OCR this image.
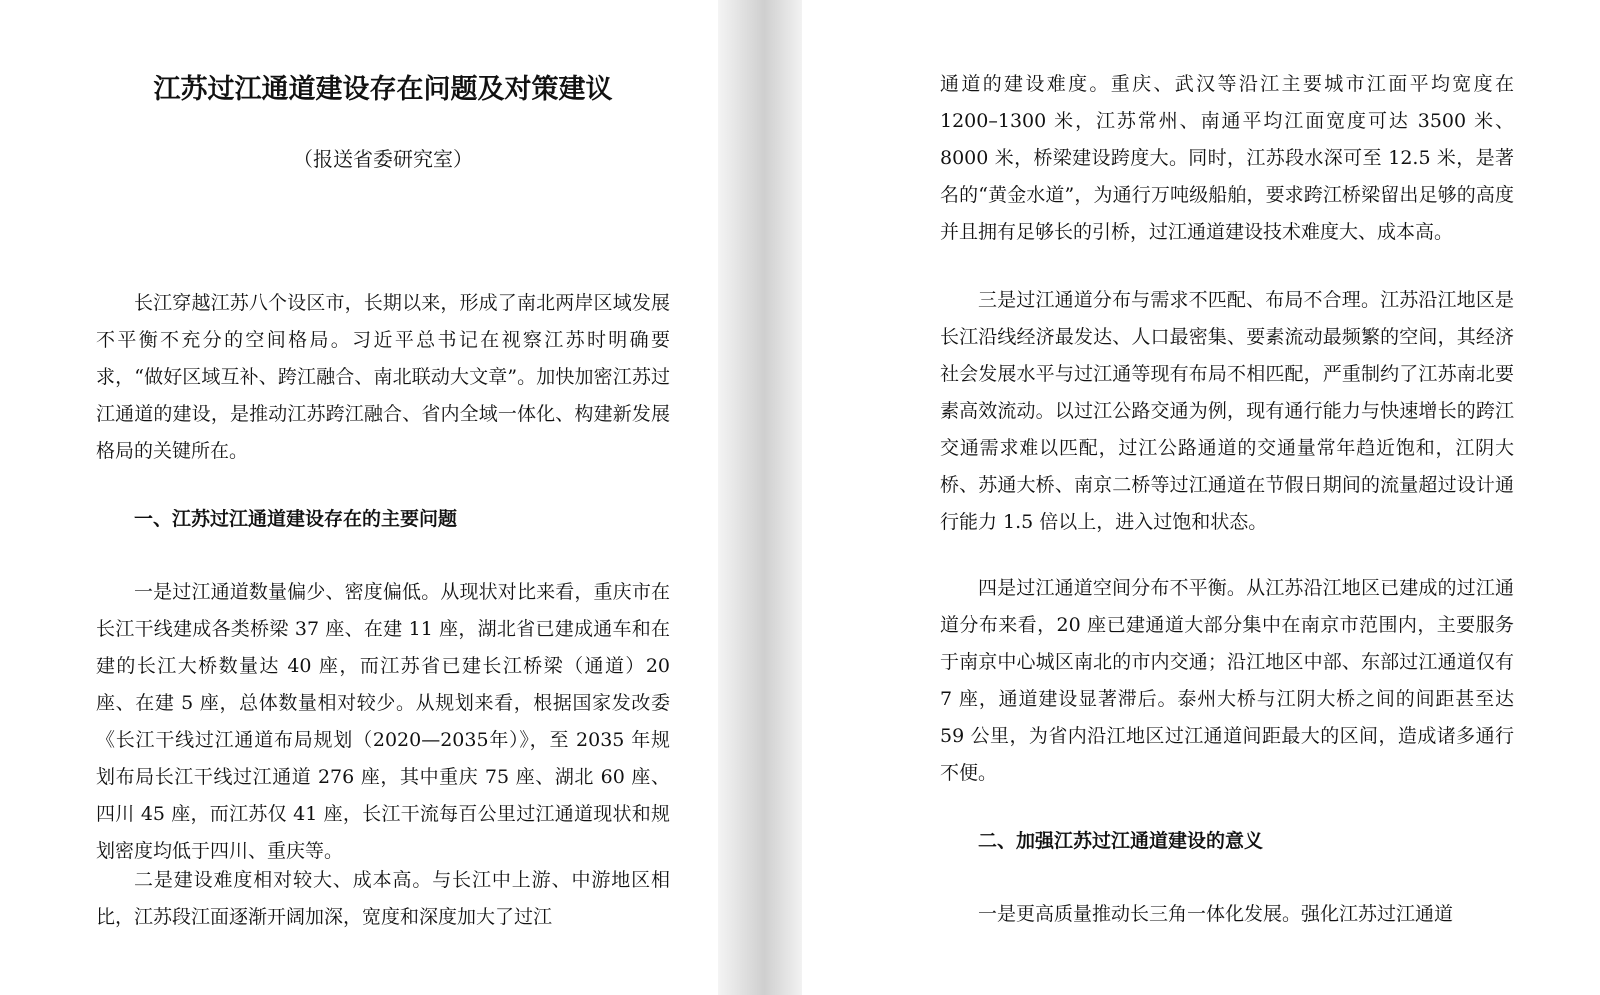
江苏过江通道建设存在问题及对策建议

（报送省委研究室）

长江穿越江苏八个设区市，长期以来，形成了南北两岸区域发展不平衡不充分的空间格局。习近平总书记在视察江苏时明确要求，“做好区域互补、跨江融合、南北联动大文章”。加快加密江苏过江通道的建设，是推动江苏跨江融合、省内全域一体化、构建新发展格局的关键所在。

一、江苏过江通道建设存在的主要问题

一是过江通道数量偏少、密度偏低。从现状对比来看，重庆市在长江干线建成各类桥梁 37 座、在建 11 座，湖北省已建成通车和在建的长江大桥数量达 40 座，而江苏省已建长江桥梁（通道）20 座、在建 5 座，总体数量相对较少。从规划来看，根据国家发改委《长江干线过江通道布局规划（2020—2035年）》，至 2035 年规划布局长江干线过江通道 276 座，其中重庆 75 座、湖北 60 座、四川 45 座，而江苏仅 41 座，长江干流每百公里过江通道现状和规划密度均低于四川、重庆等。

二是建设难度相对较大、成本高。与长江中上游、中游地区相比，江苏段江面逐渐开阔加深，宽度和深度加大了过江

通道的建设难度。重庆、武汉等沿江主要城市江面平均宽度在 1200–1300 米，江苏常州、南通平均江面宽度可达 3500 米、8000 米，桥梁建设跨度大。同时，江苏段水深可至 12.5 米，是著名的“黄金水道”，为通行万吨级船舶，要求跨江桥梁留出足够的高度并且拥有足够长的引桥，过江通道建设技术难度大、成本高。

三是过江通道分布与需求不匹配、布局不合理。江苏沿江地区是长江沿线经济最发达、人口最密集、要素流动最频繁的空间，其经济社会发展水平与过江通等现有布局不相匹配，严重制约了江苏南北要素高效流动。以过江公路交通为例，现有通行能力与快速增长的跨江交通需求难以匹配，过江公路通道的交通量常年趋近饱和，江阴大桥、苏通大桥、南京二桥等过江通道在节假日期间的流量超过设计通行能力 1.5 倍以上，进入过饱和状态。

四是过江通道空间分布不平衡。从江苏沿江地区已建成的过江通道分布来看，20 座已建通道大部分集中在南京市范围内，主要服务于南京中心城区南北的市内交通；沿江地区中部、东部过江通道仅有 7 座，通道建设显著滞后。泰州大桥与江阴大桥之间的间距甚至达 59 公里，为省内沿江地区过江通道间距最大的区间，造成诸多通行不便。

二、加强江苏过江通道建设的意义

一是更高质量推动长三角一体化发展。强化江苏过江通道
